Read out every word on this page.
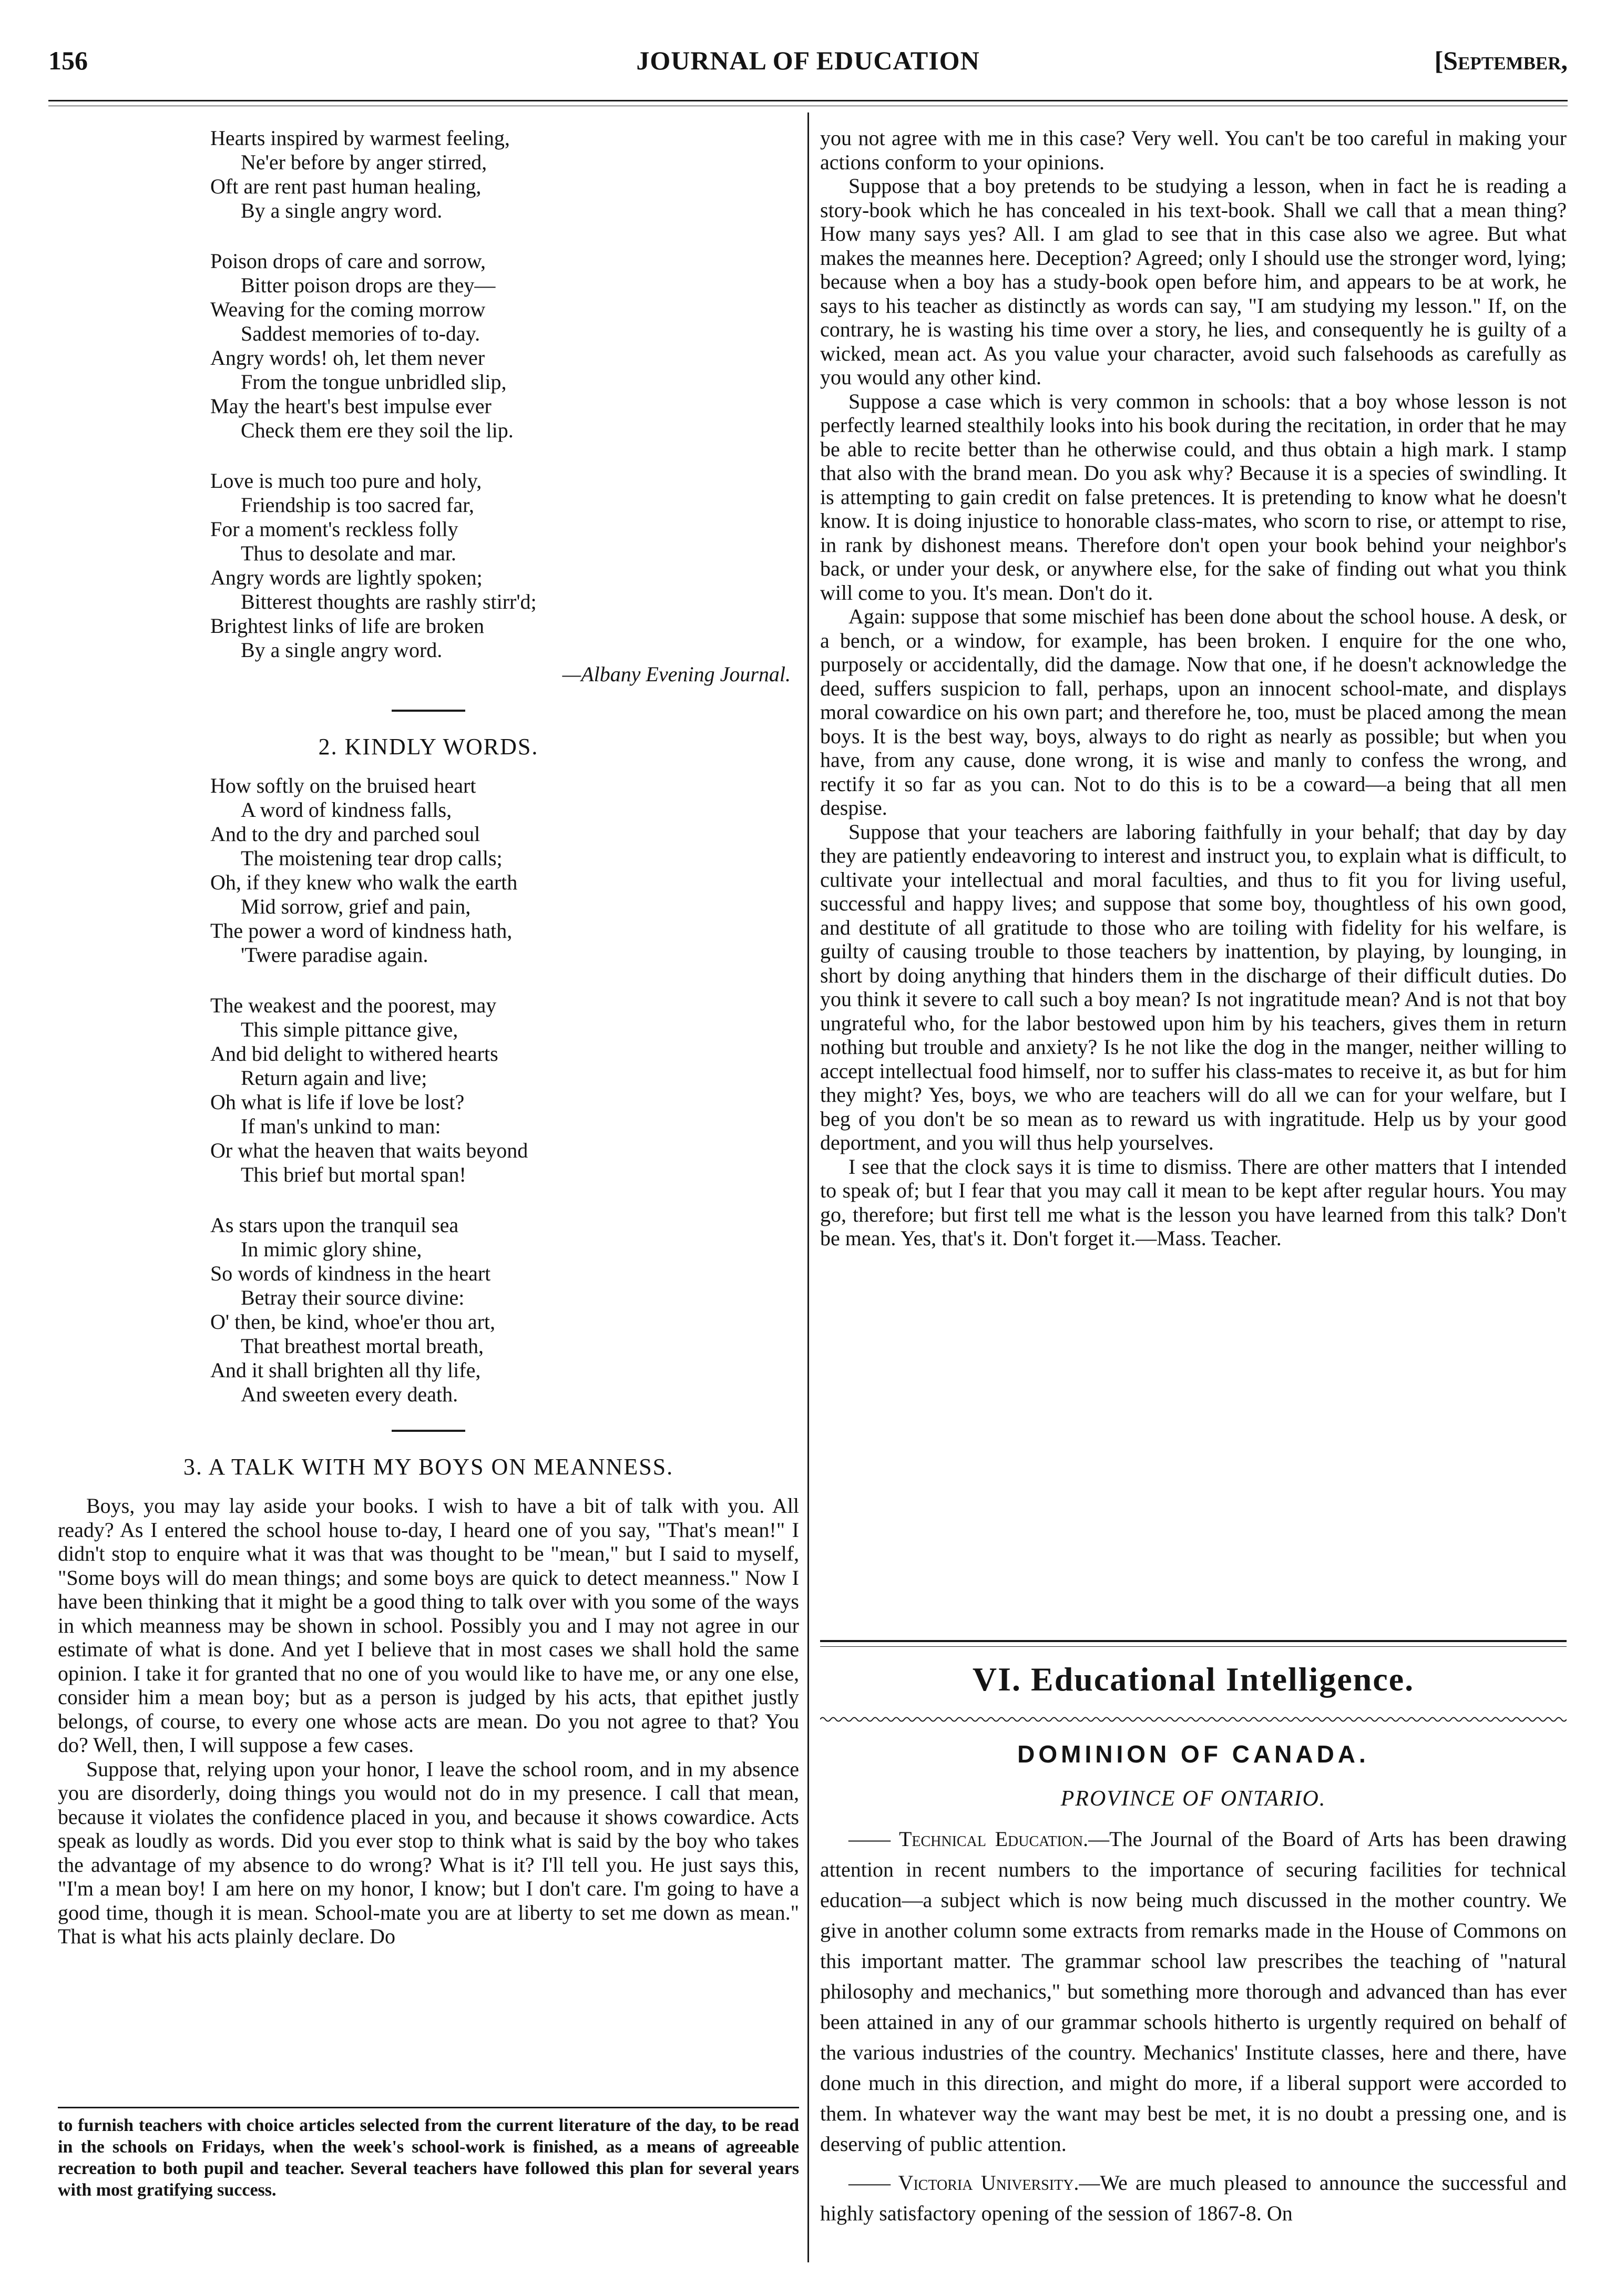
156	JOURNAL OF EDUCATION	[September,

Hearts inspired by warmest feeling,

Ne'er before by anger stirred,

Oft are rent past human healing,

By a single angry word.

Poison drops of care and sorrow,

Bitter poison drops are they—

Weaving for the coming morrow

Saddest memories of to-day.

Angry words! oh, let them never

From the tongue unbridled slip,

May the heart's best impulse ever

Check them ere they soil the lip.

Love is much too pure and holy,

Friendship is too sacred far,

For a moment's reckless folly

Thus to desolate and mar.

Angry words are lightly spoken;

Bitterest thoughts are rashly stirr'd;

Brightest links of life are broken

By a single angry word.

—Albany Evening Journal.
2. KINDLY WORDS.

How softly on the bruised heart

A word of kindness falls,

And to the dry and parched soul

The moistening tear drop calls;

Oh, if they knew who walk the earth

Mid sorrow, grief and pain,

The power a word of kindness hath,

'Twere paradise again.

The weakest and the poorest, may

This simple pittance give,

And bid delight to withered hearts

Return again and live;

Oh what is life if love be lost?

If man's unkind to man:

Or what the heaven that waits beyond

This brief but mortal span!

As stars upon the tranquil sea

In mimic glory shine,

So words of kindness in the heart

Betray their source divine:

O' then, be kind, whoe'er thou art,

That breathest mortal breath,

And it shall brighten all thy life,

And sweeten every death.

3. A TALK WITH MY BOYS ON MEANNESS.

Boys, you may lay aside your books. I wish to have a bit of talk with you. All ready? As I entered the school house to-day, I heard one of you say, "That's mean!" I didn't stop to enquire what it was that was thought to be "mean," but I said to myself, "Some boys will do mean things; and some boys are quick to detect meanness." Now I have been thinking that it might be a good thing to talk over with you some of the ways in which meanness may be shown in school. Possibly you and I may not agree in our estimate of what is done. And yet I believe that in most cases we shall hold the same opinion. I take it for granted that no one of you would like to have me, or any one else, consider him a mean boy; but as a person is judged by his acts, that epithet justly belongs, of course, to every one whose acts are mean. Do you not agree to that? You do? Well, then, I will suppose a few cases.

Suppose that, relying upon your honor, I leave the school room, and in my absence you are disorderly, doing things you would not do in my presence. I call that mean, because it violates the confidence placed in you, and because it shows cowardice. Acts speak as loudly as words. Did you ever stop to think what is said by the boy who takes the advantage of my absence to do wrong? What is it? I'll tell you. He just says this, "I'm a mean boy! I am here on my honor, I know; but I don't care. I'm going to have a good time, though it is mean. School-mate you are at liberty to set me down as mean." That is what his acts plainly declare. Do

to furnish teachers with choice articles selected from the current literature of the day, to be read in the schools on Fridays, when the week's school-work is finished, as a means of agreeable recreation to both pupil and teacher. Several teachers have followed this plan for several years with most gratifying success.

you not agree with me in this case? Very well. You can't be too careful in making your actions conform to your opinions.

Suppose that a boy pretends to be studying a lesson, when in fact he is reading a story-book which he has concealed in his text-book. Shall we call that a mean thing? How many says yes? All. I am glad to see that in this case also we agree. But what makes the meannes here. Deception? Agreed; only I should use the stronger word, lying; because when a boy has a study-book open before him, and appears to be at work, he says to his teacher as distinctly as words can say, "I am studying my lesson." If, on the contrary, he is wasting his time over a story, he lies, and consequently he is guilty of a wicked, mean act. As you value your character, avoid such falsehoods as carefully as you would any other kind.

Suppose a case which is very common in schools: that a boy whose lesson is not perfectly learned stealthily looks into his book during the recitation, in order that he may be able to recite better than he otherwise could, and thus obtain a high mark. I stamp that also with the brand mean. Do you ask why? Because it is a species of swindling. It is attempting to gain credit on false pretences. It is pretending to know what he doesn't know. It is doing injustice to honorable class-mates, who scorn to rise, or attempt to rise, in rank by dishonest means. Therefore don't open your book behind your neighbor's back, or under your desk, or anywhere else, for the sake of finding out what you think will come to you. It's mean. Don't do it.

Again: suppose that some mischief has been done about the school house. A desk, or a bench, or a window, for example, has been broken. I enquire for the one who, purposely or accidentally, did the damage. Now that one, if he doesn't acknowledge the deed, suffers suspicion to fall, perhaps, upon an innocent school-mate, and displays moral cowardice on his own part; and therefore he, too, must be placed among the mean boys. It is the best way, boys, always to do right as nearly as possible; but when you have, from any cause, done wrong, it is wise and manly to confess the wrong, and rectify it so far as you can. Not to do this is to be a coward—a being that all men despise.

Suppose that your teachers are laboring faithfully in your behalf; that day by day they are patiently endeavoring to interest and instruct you, to explain what is difficult, to cultivate your intellectual and moral faculties, and thus to fit you for living useful, successful and happy lives; and suppose that some boy, thoughtless of his own good, and destitute of all gratitude to those who are toiling with fidelity for his welfare, is guilty of causing trouble to those teachers by inattention, by playing, by lounging, in short by doing anything that hinders them in the discharge of their difficult duties. Do you think it severe to call such a boy mean? Is not ingratitude mean? And is not that boy ungrateful who, for the labor bestowed upon him by his teachers, gives them in return nothing but trouble and anxiety? Is he not like the dog in the manger, neither willing to accept intellectual food himself, nor to suffer his class-mates to receive it, as but for him they might? Yes, boys, we who are teachers will do all we can for your welfare, but I beg of you don't be so mean as to reward us with ingratitude. Help us by your good deportment, and you will thus help yourselves.

I see that the clock says it is time to dismiss. There are other matters that I intended to speak of; but I fear that you may call it mean to be kept after regular hours. You may go, therefore; but first tell me what is the lesson you have learned from this talk? Don't be mean. Yes, that's it. Don't forget it.—Mass. Teacher.

VI. Educational Intelligence.
DOMINION OF CANADA.
PROVINCE OF ONTARIO.

—— Technical Education.—The Journal of the Board of Arts has been drawing attention in recent numbers to the importance of securing facilities for technical education—a subject which is now being much discussed in the mother country. We give in another column some extracts from remarks made in the House of Commons on this important matter. The grammar school law prescribes the teaching of "natural philosophy and mechanics," but something more thorough and advanced than has ever been attained in any of our grammar schools hitherto is urgently required on behalf of the various industries of the country. Mechanics' Institute classes, here and there, have done much in this direction, and might do more, if a liberal support were accorded to them. In whatever way the want may best be met, it is no doubt a pressing one, and is deserving of public attention.

—— Victoria University.—We are much pleased to announce the successful and highly satisfactory opening of the session of 1867-8. On
